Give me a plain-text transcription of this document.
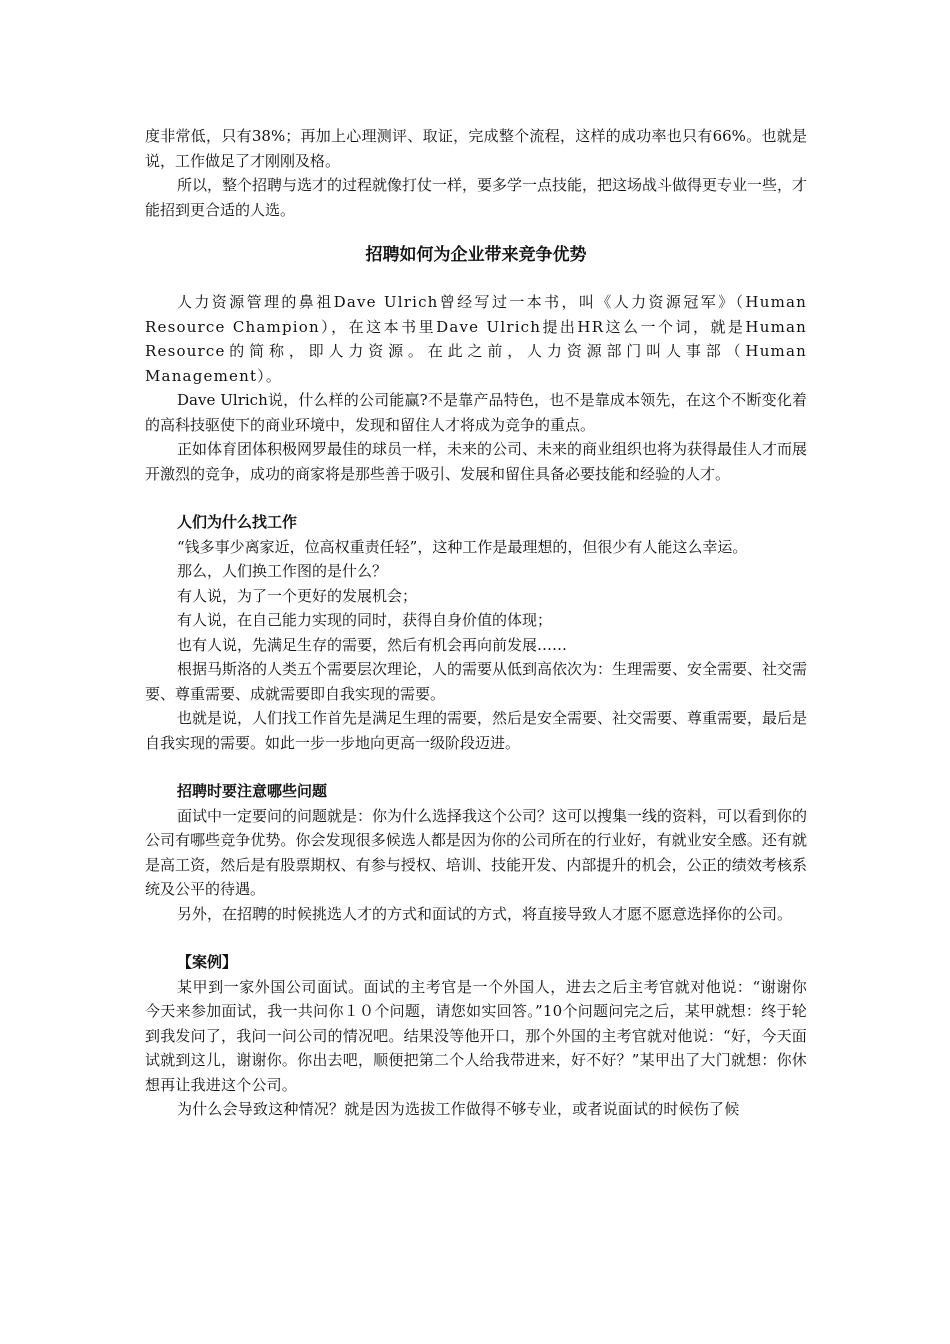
度非常低，只有38%；再加上心理测评、取证，完成整个流程，这样的成功率也只有66%。也就是说，工作做足了才刚刚及格。

所以，整个招聘与选才的过程就像打仗一样，要多学一点技能，把这场战斗做得更专业一些，才能招到更合适的人选。

招聘如何为企业带来竞争优势

人力资源管理的鼻祖Dave Ulrich曾经写过一本书，叫《人力资源冠军》（Human Resource Champion），在这本书里Dave Ulrich提出HR这么一个词，就是Human Resource的简称，即人力资源。在此之前，人力资源部门叫人事部（Human Management）。

Dave Ulrich说，什么样的公司能赢?不是靠产品特色，也不是靠成本领先，在这个不断变化着的高科技驱使下的商业环境中，发现和留住人才将成为竞争的重点。

正如体育团体积极网罗最佳的球员一样，未来的公司、未来的商业组织也将为获得最佳人才而展开激烈的竞争，成功的商家将是那些善于吸引、发展和留住具备必要技能和经验的人才。

人们为什么找工作

“钱多事少离家近，位高权重责任轻”，这种工作是最理想的，但很少有人能这么幸运。

那么，人们换工作图的是什么？

有人说，为了一个更好的发展机会；

有人说，在自己能力实现的同时，获得自身价值的体现；

也有人说，先满足生存的需要，然后有机会再向前发展……

根据马斯洛的人类五个需要层次理论，人的需要从低到高依次为：生理需要、安全需要、社交需要、尊重需要、成就需要即自我实现的需要。

也就是说，人们找工作首先是满足生理的需要，然后是安全需要、社交需要、尊重需要，最后是自我实现的需要。如此一步一步地向更高一级阶段迈进。

招聘时要注意哪些问题

面试中一定要问的问题就是：你为什么选择我这个公司？这可以搜集一线的资料，可以看到你的公司有哪些竞争优势。你会发现很多候选人都是因为你的公司所在的行业好，有就业安全感。还有就是高工资，然后是有股票期权、有参与授权、培训、技能开发、内部提升的机会，公正的绩效考核系统及公平的待遇。

另外，在招聘的时候挑选人才的方式和面试的方式，将直接导致人才愿不愿意选择你的公司。

【案例】

某甲到一家外国公司面试。面试的主考官是一个外国人，进去之后主考官就对他说：“谢谢你今天来参加面试，我一共问你１０个问题，请您如实回答。”10个问题问完之后，某甲就想：终于轮到我发问了，我问一问公司的情况吧。结果没等他开口，那个外国的主考官就对他说：“好，今天面试就到这儿，谢谢你。你出去吧，顺便把第二个人给我带进来，好不好？”某甲出了大门就想：你休想再让我进这个公司。

为什么会导致这种情况？就是因为选拔工作做得不够专业，或者说面试的时候伤了候
